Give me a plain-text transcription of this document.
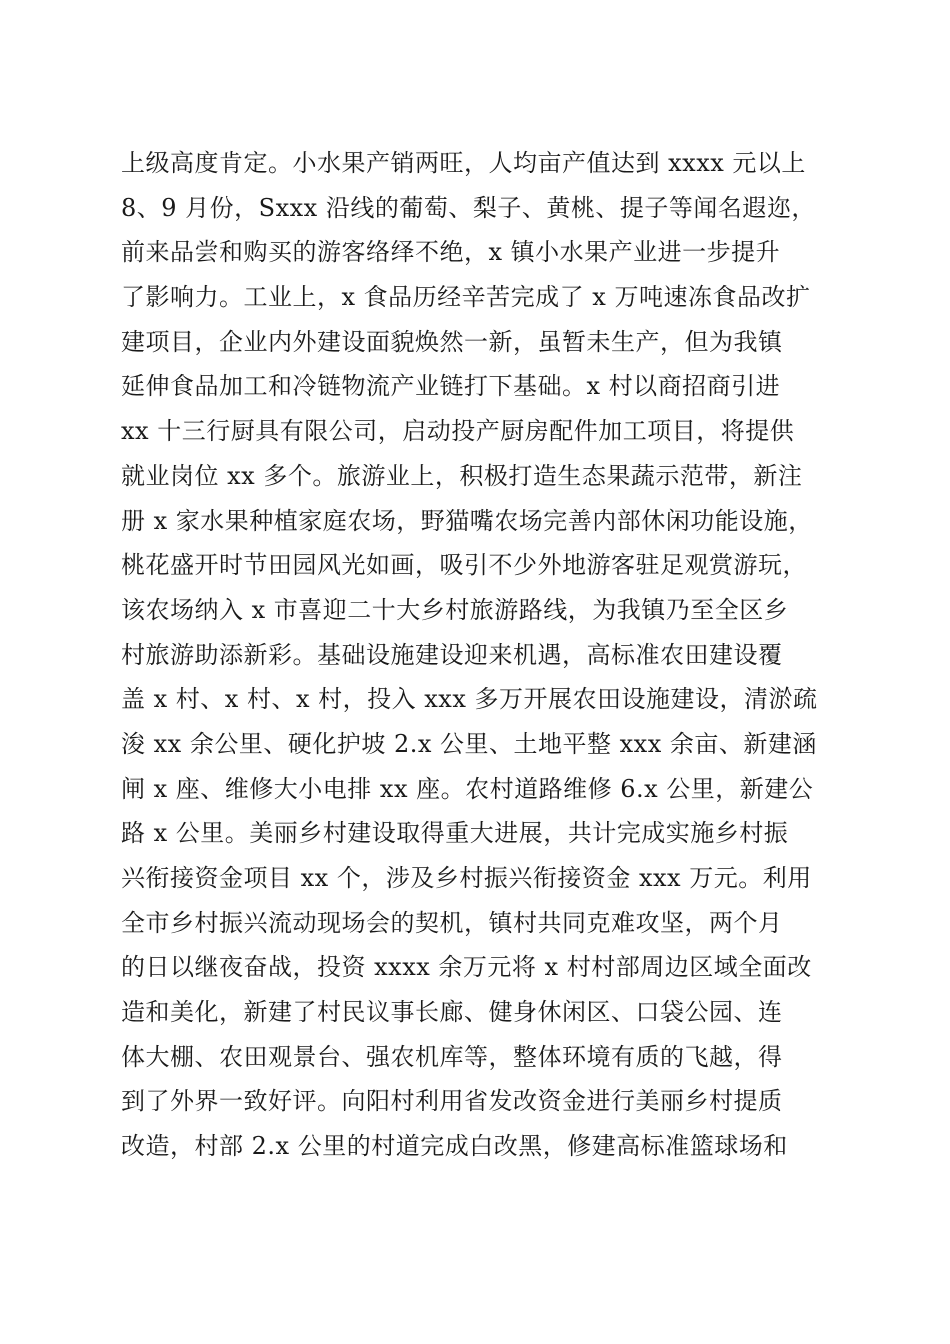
上级高度肯定。小水果产销两旺，人均亩产值达到 xxxx 元以上
8、9 月份，Sxxx 沿线的葡萄、梨子、黄桃、提子等闻名遐迩，
前来品尝和购买的游客络绎不绝，x 镇小水果产业进一步提升
了影响力。工业上，x 食品历经辛苦完成了 x 万吨速冻食品改扩
建项目，企业内外建设面貌焕然一新，虽暂未生产，但为我镇
延伸食品加工和冷链物流产业链打下基础。x 村以商招商引进
xx 十三行厨具有限公司，启动投产厨房配件加工项目，将提供
就业岗位 xx 多个。旅游业上，积极打造生态果蔬示范带，新注
册 x 家水果种植家庭农场，野猫嘴农场完善内部休闲功能设施，
桃花盛开时节田园风光如画，吸引不少外地游客驻足观赏游玩，
该农场纳入 x 市喜迎二十大乡村旅游路线，为我镇乃至全区乡
村旅游助添新彩。基础设施建设迎来机遇，高标准农田建设覆
盖 x 村、x 村、x 村，投入 xxx 多万开展农田设施建设，清淤疏
浚 xx 余公里、硬化护坡 2.x 公里、土地平整 xxx 余亩、新建涵
闸 x 座、维修大小电排 xx 座。农村道路维修 6.x 公里，新建公
路 x 公里。美丽乡村建设取得重大进展，共计完成实施乡村振
兴衔接资金项目 xx 个，涉及乡村振兴衔接资金 xxx 万元。利用
全市乡村振兴流动现场会的契机，镇村共同克难攻坚，两个月
的日以继夜奋战，投资 xxxx 余万元将 x 村村部周边区域全面改
造和美化，新建了村民议事长廊、健身休闲区、口袋公园、连
体大棚、农田观景台、强农机库等，整体环境有质的飞越，得
到了外界一致好评。向阳村利用省发改资金进行美丽乡村提质
改造，村部 2.x 公里的村道完成白改黑，修建高标准篮球场和
